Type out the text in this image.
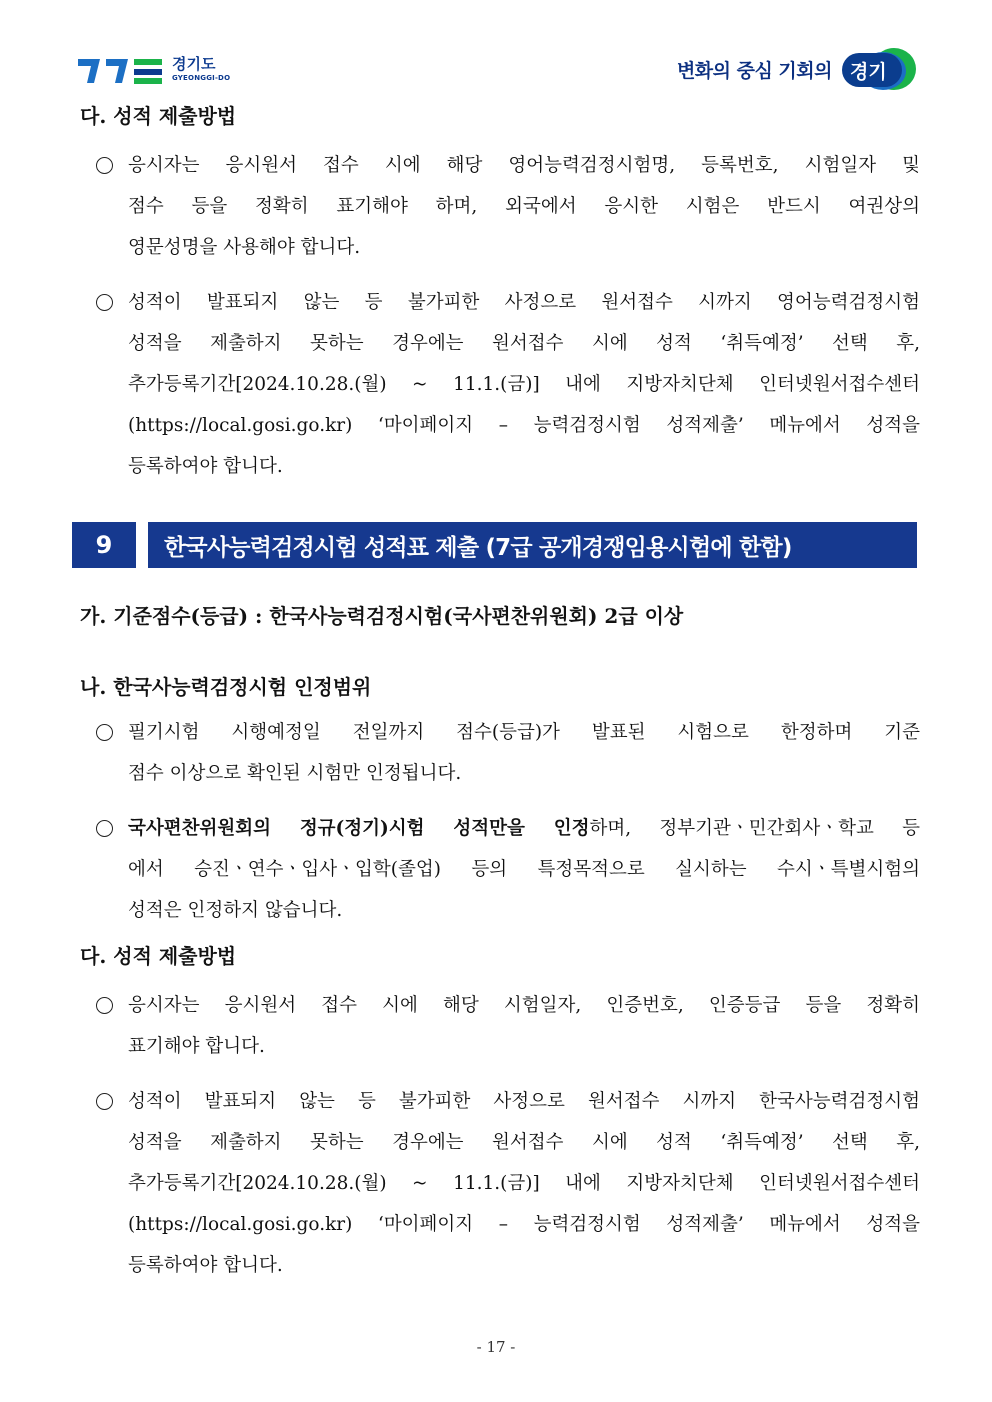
경기도
GYEONGGI-DO	변화의 중심 기회의 경기

다. 성적 제출방법

응시자는 응시원서 접수 시에 해당 영어능력검정시험명, 등록번호, 시험일자 및
점수 등을 정확히 표기해야 하며, 외국에서 응시한 시험은 반드시 여권상의
영문성명을 사용해야 합니다.
성적이 발표되지 않는 등 불가피한 사정으로 원서접수 시까지 영어능력검정시험
성적을 제출하지 못하는 경우에는 원서접수 시에 성적 ‘취득예정’ 선택 후,
추가등록기간[2024.10.28.(월) ~ 11.1.(금)] 내에 지방자치단체 인터넷원서접수센터
(https://local.gosi.go.kr) ‘마이페이지 – 능력검정시험 성적제출’ 메뉴에서 성적을
등록하여야 합니다.
9	한국사능력검정시험 성적표 제출 (7급 공개경쟁임용시험에 한함)

가. 기준점수(등급) : 한국사능력검정시험(국사편찬위원회) 2급 이상

나. 한국사능력검정시험 인정범위

필기시험 시행예정일 전일까지 점수(등급)가 발표된 시험으로 한정하며 기준
점수 이상으로 확인된 시험만 인정됩니다.
국사편찬위원회의 정규(정기)시험 성적만을 인정하며, 정부기관ㆍ민간회사ㆍ학교 등
에서 승진ㆍ연수ㆍ입사ㆍ입학(졸업) 등의 특정목적으로 실시하는 수시ㆍ특별시험의
성적은 인정하지 않습니다.

다. 성적 제출방법

응시자는 응시원서 접수 시에 해당 시험일자, 인증번호, 인증등급 등을 정확히
표기해야 합니다.
성적이 발표되지 않는 등 불가피한 사정으로 원서접수 시까지 한국사능력검정시험
성적을 제출하지 못하는 경우에는 원서접수 시에 성적 ‘취득예정’ 선택 후,
추가등록기간[2024.10.28.(월) ~ 11.1.(금)] 내에 지방자치단체 인터넷원서접수센터
(https://local.gosi.go.kr) ‘마이페이지 – 능력검정시험 성적제출’ 메뉴에서 성적을
등록하여야 합니다.
- 17 -
